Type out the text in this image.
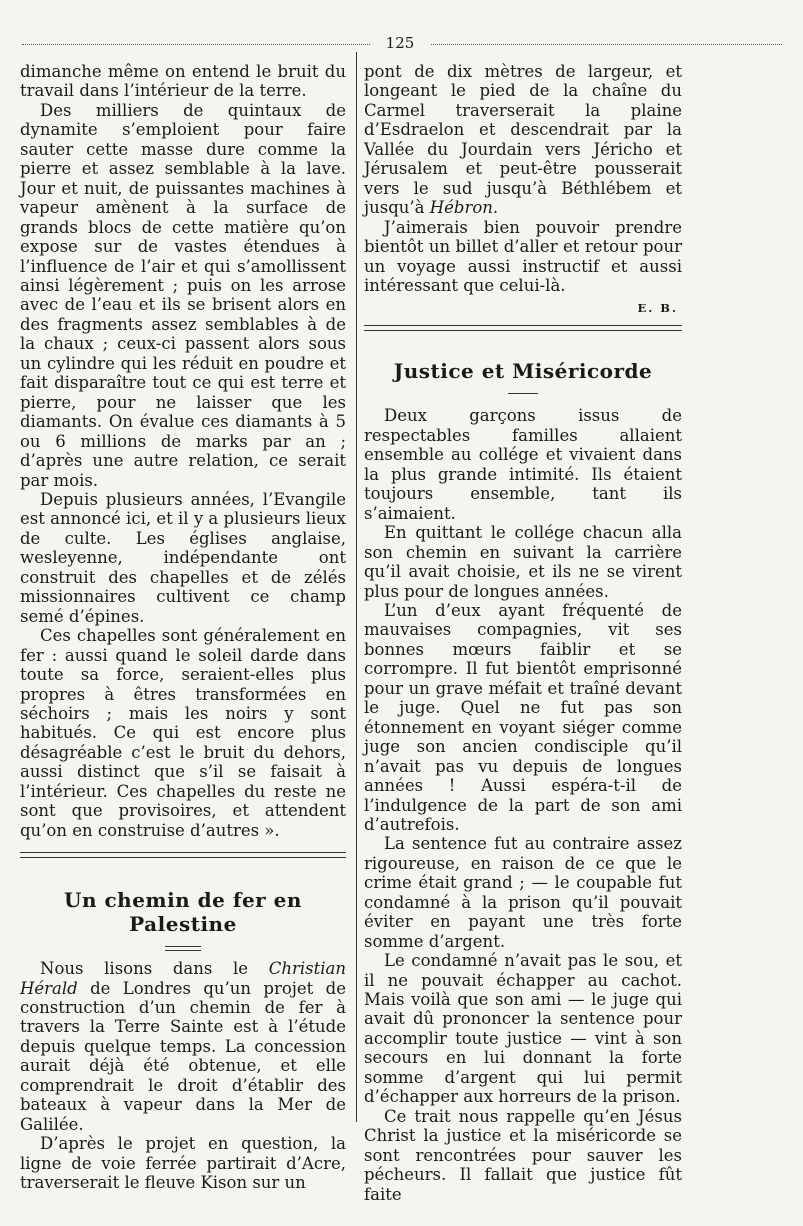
125

dimanche même on entend le bruit du travail dans l’intérieur de la terre.

Des milliers de quintaux de dynamite s’emploient pour faire sauter cette masse dure comme la pierre et assez semblable à la lave. Jour et nuit, de puissantes machines à vapeur amènent à la surface de grands blocs de cette matière qu’on expose sur de vastes étendues à l’influence de l’air et qui s’amollissent ainsi légèrement ; puis on les arrose avec de l’eau et ils se brisent alors en des fragments assez semblables à de la chaux ; ceux-ci passent alors sous un cylindre qui les réduit en poudre et fait disparaître tout ce qui est terre et pierre, pour ne laisser que les diamants. On évalue ces diamants à 5 ou 6 millions de marks par an ; d’après une autre relation, ce serait par mois.

Depuis plusieurs années, l’Evangile est annoncé ici, et il y a plusieurs lieux de culte. Les églises anglaise, wesleyenne, indépendante ont construit des chapelles et de zélés missionnaires cultivent ce champ semé d’épines.

Ces chapelles sont généralement en fer : aussi quand le soleil darde dans toute sa force, seraient-elles plus propres à êtres transformées en séchoirs ; mais les noirs y sont habitués. Ce qui est encore plus désagréable c’est le bruit du dehors, aussi distinct que s’il se faisait à l’intérieur. Ces chapelles du reste ne sont que provisoires, et attendent qu’on en construise d’autres ».

Un chemin de fer en Palestine

Nous lisons dans le Christian Hérald de Londres qu’un projet de construction d’un chemin de fer à travers la Terre Sainte est à l’étude depuis quelque temps. La concession aurait déjà été obtenue, et elle comprendrait le droit d’établir des bateaux à vapeur dans la Mer de Galilée.

D’après le projet en question, la ligne de voie ferrée partirait d’Acre, traverserait le fleuve Kison sur un

pont de dix mètres de largeur, et longeant le pied de la chaîne du Carmel traverserait la plaine d’Esdraelon et descendrait par la Vallée du Jourdain vers Jéricho et Jérusalem et peut-être pousserait vers le sud jusqu’à Béthlébem et jusqu’à Hébron.

J’aimerais bien pouvoir prendre bientôt un billet d’aller et retour pour un voyage aussi instructif et aussi intéressant que celui-là.

E. B.
Justice et Miséricorde

Deux garçons issus de respectables familles allaient ensemble au collége et vivaient dans la plus grande intimité. Ils étaient toujours ensemble, tant ils s’aimaient.

En quittant le collége chacun alla son chemin en suivant la carrière qu’il avait choisie, et ils ne se virent plus pour de longues années.

L’un d’eux ayant fréquenté de mauvaises compagnies, vit ses bonnes mœurs faiblir et se corrompre. Il fut bientôt emprisonné pour un grave méfait et traîné devant le juge. Quel ne fut pas son étonnement en voyant siéger comme juge son ancien condisciple qu’il n’avait pas vu depuis de longues années ! Aussi espéra-t-il de l’indulgence de la part de son ami d’autrefois.

La sentence fut au contraire assez rigoureuse, en raison de ce que le crime était grand ; — le coupable fut condamné à la prison qu’il pouvait éviter en payant une très forte somme d’argent.

Le condamné n’avait pas le sou, et il ne pouvait échapper au cachot. Mais voilà que son ami — le juge qui avait dû prononcer la sentence pour accomplir toute justice — vint à son secours en lui donnant la forte somme d’argent qui lui permit d’échapper aux horreurs de la prison.

Ce trait nous rappelle qu’en Jésus Christ la justice et la miséricorde se sont rencontrées pour sauver les pécheurs. Il fallait que justice fût faite
